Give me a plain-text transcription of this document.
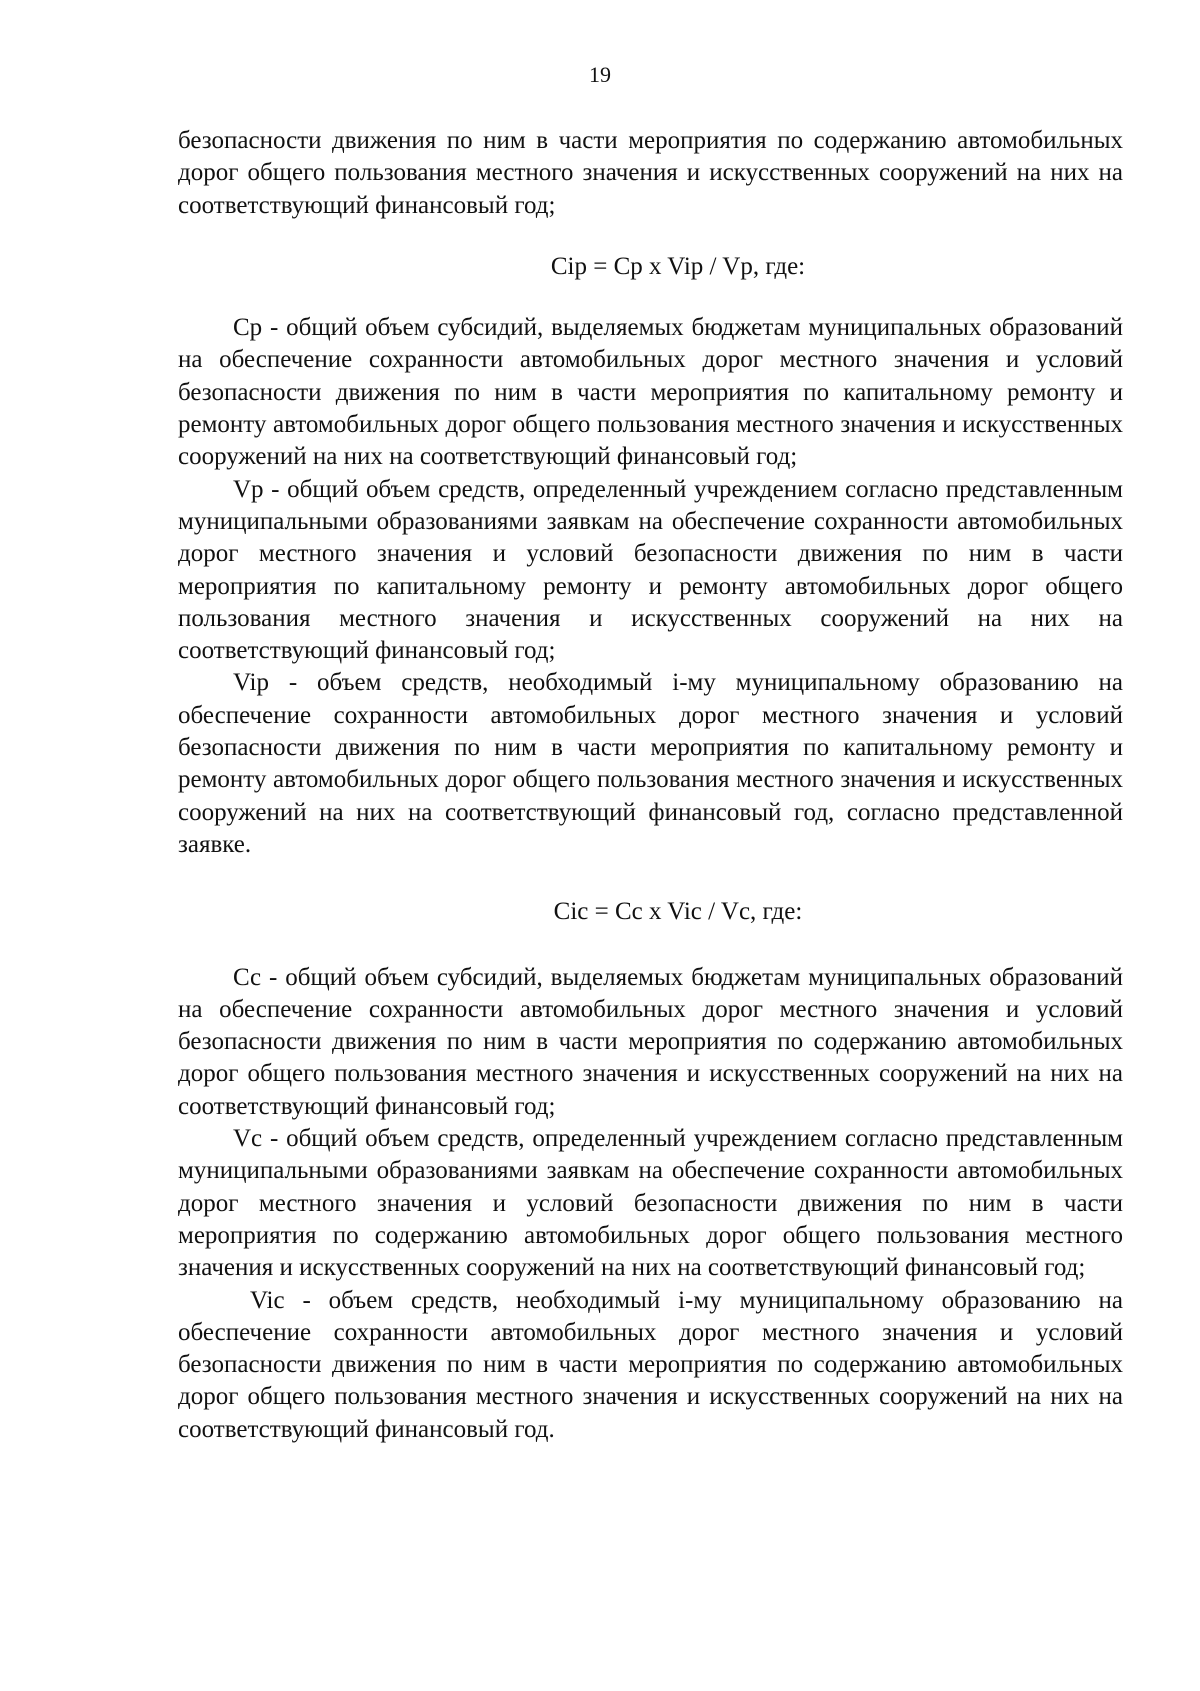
19

безопасности движения по ним в части мероприятия по содержанию автомобильных дорог общего пользования местного значения и искусственных сооружений на них на соответствующий финансовый год;

Cip = Cp x Vip / Vp, где:

Ср - общий объем субсидий, выделяемых бюджетам муниципальных образований на обеспечение сохранности автомобильных дорог местного значения и условий безопасности движения по ним в части мероприятия по капитальному ремонту и ремонту автомобильных дорог общего пользования местного значения и искусственных сооружений на них на соответствующий финансовый год;

Vp - общий объем средств, определенный учреждением согласно представленным муниципальными образованиями заявкам на обеспечение сохранности автомобильных дорог местного значения и условий безопасности движения по ним в части мероприятия по капитальному ремонту и ремонту автомобильных дорог общего пользования местного значения и искусственных сооружений на них на соответствующий финансовый год;

Vip - объем средств, необходимый i-му муниципальному образованию на обеспечение сохранности автомобильных дорог местного значения и условий безопасности движения по ним в части мероприятия по капитальному ремонту и ремонту автомобильных дорог общего пользования местного значения и искусственных сооружений на них на соответствующий финансовый год, согласно представленной заявке.

Cic = Cc x Vic / Vc, где:

Сс - общий объем субсидий, выделяемых бюджетам муниципальных образований на обеспечение сохранности автомобильных дорог местного значения и условий безопасности движения по ним в части мероприятия по содержанию автомобильных дорог общего пользования местного значения и искусственных сооружений на них на соответствующий финансовый год;

Vc - общий объем средств, определенный учреждением согласно представленным муниципальными образованиями заявкам на обеспечение сохранности автомобильных дорог местного значения и условий безопасности движения по ним в части мероприятия по содержанию автомобильных дорог общего пользования местного значения и искусственных сооружений на них на соответствующий финансовый год;

Vic - объем средств, необходимый i-му муниципальному образованию на обеспечение сохранности автомобильных дорог местного значения и условий безопасности движения по ним в части мероприятия по содержанию автомобильных дорог общего пользования местного значения и искусственных сооружений на них на соответствующий финансовый год.
